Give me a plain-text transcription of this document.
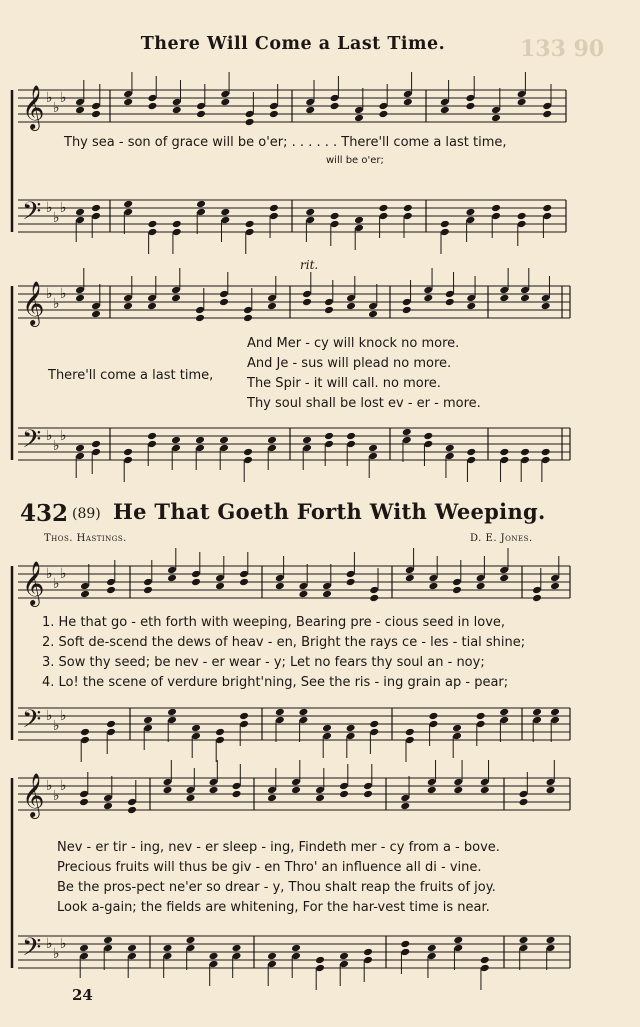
There Will Come a Last Time.	133 90
𝄞 ♭
♭
♭
𝄢 ♭
♭
♭
𝄞 ♭
♭
♭
𝄢 ♭
♭
♭
𝄞 ♭
♭
♭
𝄢 ♭
♭
♭
𝄞 ♭
♭
♭
𝄢 ♭
♭
♭
Thy sea - son of grace will be o'er; . . . . . . There'll come a last time,
will be o'er;
rit.
There'll come a last time,
And Mer - cy will knock no more.
And Je - sus will plead no more.
The Spir - it will call. no more.
Thy soul shall be lost ev - er - more.
432 (89) He That Goeth Forth With Weeping.
Thos. Hastings.	D. E. Jones.
1. He that go - eth forth with weeping, Bearing pre - cious seed in love,
2. Soft de-scend the dews of heav - en, Bright the rays ce - les - tial shine;
3. Sow thy seed; be nev - er wear - y; Let no fears thy soul an - noy;
4. Lo! the scene of verdure bright'ning, See the ris - ing grain ap - pear;
Nev - er tir - ing, nev - er sleep - ing, Findeth mer - cy from a - bove.
Precious fruits will thus be giv - en Thro' an influence all di - vine.
Be the pros-pect ne'er so drear - y, Thou shalt reap the fruits of joy.
Look a-gain; the fields are whitening, For the har-vest time is near.
24
